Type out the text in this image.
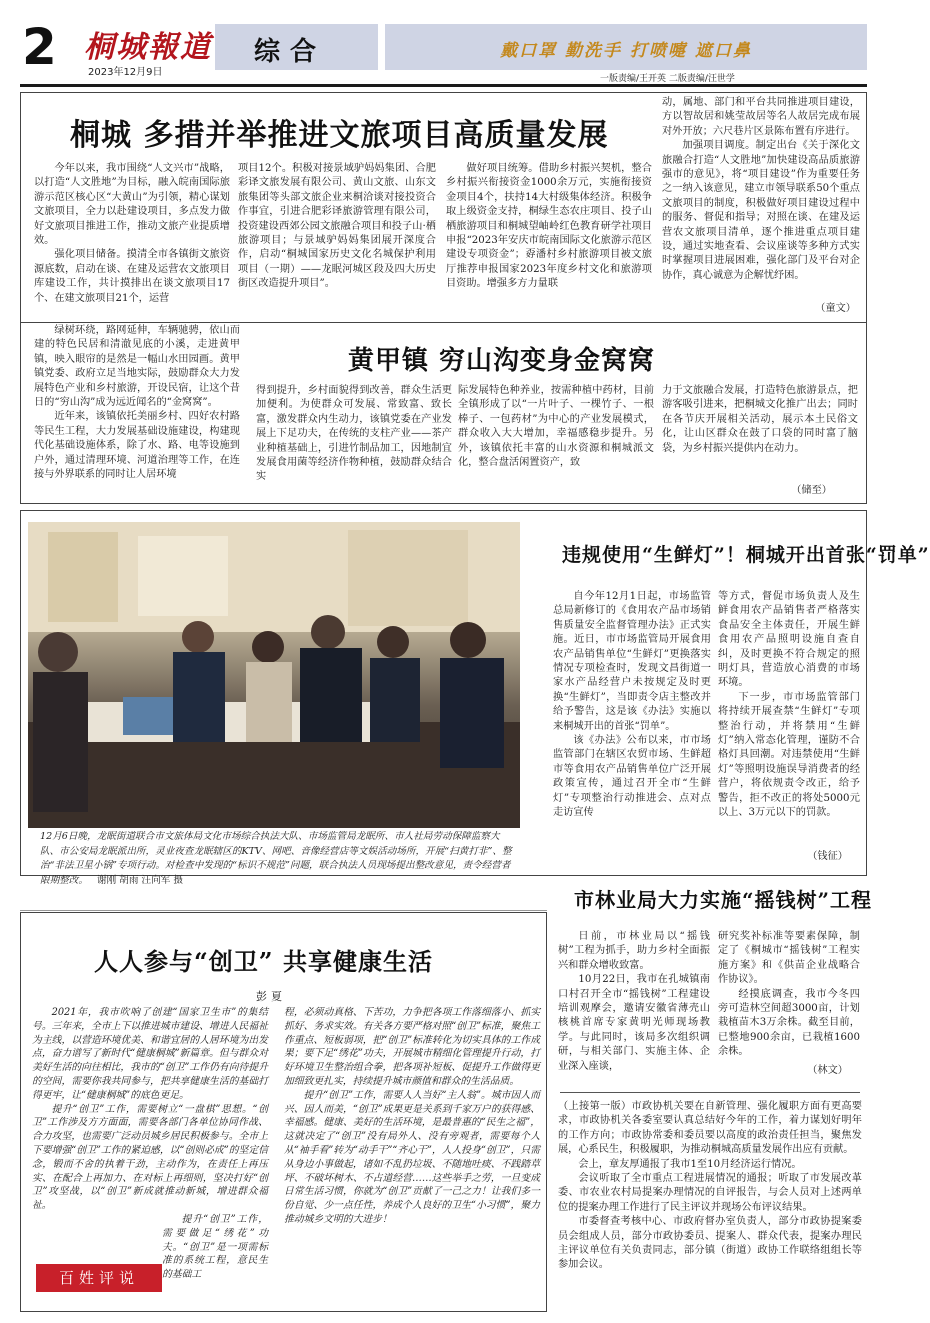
2 桐城報道
2023年12月9日
综合	戴口罩 勤洗手 打喷嚏 遮口鼻
一版责编/王开英 二版责编/汪世学
桐城 多措并举推进文旅项目高质量发展

今年以来，我市围绕“人文兴市”战略，以打造“人文胜地”为目标，融入皖南国际旅游示范区核心区“大黄山”为引领，精心谋划文旅项目，全力以赴建设项目，多点发力做好文旅项目推进工作，推动文旅产业提质增效。

强化项目储备。摸清全市各镇街文旅资源底数，启动在谈、在建及运营农文旅项目库建设工作，共计摸排出在谈文旅项目17个、在建文旅项目21个，运营

项目12个。积极对接景域驴妈妈集团、合肥彩译文旅发展有限公司、黄山文旅、山东文旅集团等头部文旅企业来桐洽谈对接投资合作事宜，引进合肥彩译旅游管理有限公司，投资建设西郊公园文旅融合项目和投子山·栖旅游项目；与景域驴妈妈集团展开深度合作，启动“桐城国家历史文化名城保护利用项目（一期）——龙眠河城区段及四大历史街区改造提升项目”。

做好项目统筹。借助乡村振兴契机，整合乡村振兴衔接资金1000余万元，实施衔接资金项目4个，扶持14大村级集体经济。积极争取上级资金支持，桐绿生态农庄项目、投子山栖旅游项目和桐城望岫岭红色教育研学社项目申报“2023年安庆市皖南国际文化旅游示范区建设专项资金”；孬潘村乡村旅游项目被文旅厅推荐申报国家2023年度乡村文化和旅游项目资助。增强多方力量联

动，属地、部门和平台共同推进项目建设，方以智故居和姚莹故居等名人故居完成布展对外开放；六尺巷片区景陈布置有序进行。

加强项目调度。制定出台《关于深化文旅融合打造“人文胜地”加快建设高品质旅游强市的意见》，将“项目建设”作为重要任务之一纳入该意见，建立市领导联系50个重点文旅项目的制度，积极做好项目建设过程中的服务、督促和指导；对照在谈、在建及运营农文旅项目清单，逐个推进重点项目建设，通过实地查看、会议座谈等多种方式实时掌握项目进展困难，强化部门及平台对企协作，真心诚意为企解忧纾困。

（童文）
黄甲镇 穷山沟变身金窝窝

绿树环绕，路网延伸，车辆驰骋，依山而建的特色民居和清澈见底的小溪，走进黄甲镇，映入眼帘的是然是一幅山水田园画。黄甲镇党委、政府立足当地实际，鼓励群众大力发展特色产业和乡村旅游，开设民宿，让这个昔日的“穷山沟”成为远近闻名的“金窝窝”。

近年来，该镇依托美丽乡村、四好农村路等民生工程，大力发展基础设施建设，构建现代化基础设施体系，除了水、路、电等设施到户外，通过清理环境、河道治理等工作，在连接与外界联系的同时让人居环境

得到提升，乡村面貌得到改善，群众生活更加便利。为使群众可发展、常致富、致长富，激发群众内生动力，该镇党委在产业发展上下足功夫，在传统的支柱产业——茶产业种植基础上，引进竹制品加工，因地制宜发展食用菌等经济作物种植，鼓励群众结合实

际发展特色种养业，按需种植中药材，目前全镇形成了以“一片叶子、一棵竹子、一根棒子、一包药材”为中心的产业发展模式，群众收入大大增加，幸福感稳步提升。另外，该镇依托丰富的山水资源和桐城派文化，整合盘活闲置资产，致

力于文旅融合发展，打造特色旅游景点，把游客吸引进来，把桐城文化推广出去；同时在各节庆开展相关活动，展示本土民俗文化，让山区群众在鼓了口袋的同时富了脑袋，为乡村振兴提供内在动力。

（储至）
12月6日晚，龙眠街道联合市文旅体局文化市场综合执法大队、市场监管局龙眠所、市人社局劳动保障监察大队、市公安局龙眠派出所，灵业夜查龙眠辖区的KTV、网吧、音像经营店等文娱活动场所，开展“扫黄打非”、整治“非法卫星小锅”专项行动。对检查中发现的“标识不规范”问题，联合执法人员现场提出整改意见，责令经营者限期整改。 谢刚 胡雨 汪向军 摄
违规使用“生鲜灯”！桐城开出首张“罚单”

自今年12月1日起，市场监管总局新修订的《食用农产品市场销售质量安全监督管理办法》正式实施。近日，市市场监管局开展食用农产品销售单位“生鲜灯”更换落实情况专项检查时，发现文昌街道一家水产品经营户未按规定及时更换“生鲜灯”，当即责令店主整改并给予警告，这是该《办法》实施以来桐城开出的首张“罚单”。

该《办法》公布以来，市市场监管部门在辖区农贸市场、生鲜超市等食用农产品销售单位广泛开展政策宣传，通过召开全市“生鲜灯”专项整治行动推进会、点对点走访宣传

等方式，督促市场负责人及生鲜食用农产品销售者严格落实食品安全主体责任，开展生鲜食用农产品照明设施自查自纠，及时更换不符合规定的照明灯具，营造放心消费的市场环境。

下一步，市市场监管部门将持续开展查禁“生鲜灯”专项整治行动，并将禁用“生鲜灯”纳入常态化管理，谨防不合格灯具回潮。对违禁使用“生鲜灯”等照明设施误导消费者的经营户，将依规责令改正，给予警告，拒不改正的将处5000元以上、3万元以下的罚款。

（钱征）
人人参与“创卫” 共享健康生活
彭夏

2021年，我市吹响了创建“国家卫生市”的集结号。三年来，全市上下以推进城市建设、增进人民福祉为主线，以营造环境优美、和谐宜居的人居环境为出发点，奋力谱写了新时代“健康桐城”新篇章。但与群众对美好生活的向往相比，我市的“创卫”工作仍有向待提升的空间，需要你我共同参与，把共享健康生活的基础打得更牢，让“健康桐城”的底色更足。

提升“创卫”工作，需要树立“一盘棋”思想。“创卫”工作涉及方方面面，需要各部门各单位协同作战、合力攻坚，也需要广泛动员城乡居民积极参与。全市上下要增强“创卫”工作的紧迫感，以“创则必成”的坚定信念，锻而不舍的执着干劲，主动作为，在责任上再压实、在配合上再加力、在对标上再细则，坚决打好“创卫”攻坚战，以“创卫”新成就推动新城，增进群众福祉。

提升“创卫”工作，需要做足“绣花”功夫。“创卫”是一项需标准的系统工程，意民生的基础工

百姓评说

程，必须动真格、下苦功，力争把各项工作落细落小、抓实抓好、务求实效。有关各方要严格对照“创卫”标准，聚焦工作重点、短板弱项，把“创卫”标准转化为切实具体的工作成果；要下足“绣花”功夫，开展城市精细化管理提升行动，打好环境卫生整治组合拳，把各项补短板、促提升工作做得更加细致更扎实，持续提升城市颜值和群众的生活品质。

提升“创卫”工作，需要人人当好“主人翁”。城市因人而兴、因人而美，“创卫”成果更是关系到千家万户的获得感、幸福感。健康、美好的生活环境，是最普惠的“民生之福”，这就决定了“创卫”没有局外人、没有旁观者，需要每个人从“袖手看”转为“动手干”“齐心干”，人人投身“创卫”，只需从身边小事做起，诸如不乱扔垃圾、不随地吐痰、不践踏草坪、不破坏树木、不占道经营……这些举手之劳，一旦变成日常生活习惯，你就为“创卫”贡献了一己之力！让我们多一份自觉、少一点任性，养成个人良好的卫生“小习惯”，聚力推动城乡文明的大进步！

市林业局大力实施“摇钱树”工程

日前，市林业局以“摇钱树”工程为抓手，助力乡村全面振兴和群众增收致富。

10月22日，我市在孔城镇南口村召开全市“摇钱树”工程建设培训观摩会，邀请安徽省薄壳山核桃首席专家黄明光师现场教学。与此同时，该局多次组织调研，与相关部门、实施主体、企业深入座谈，

研究奖补标准等要素保障，制定了《桐城市“摇钱树”工程实施方案》和《供苗企业战略合作协议》。

经摸底调查，我市今冬四旁可造林空间超3000亩，计划栽植苗木3万余株。截至目前，已整地900余亩，已栽植1600余株。

（林文）

（上接第一版）市政协机关要在自新管理、强化履职方面有更高要求，市政协机关各委室要认真总结好今年的工作，着力谋划好明年的工作方向；市政协常委和委员要以高度的政治责任担当，聚焦发展，心系民生，积极履职，为推动桐城高质量发展作出应有贡献。

会上，章友厚通报了我市1至10月经济运行情况。

会议听取了全市重点工程进展情况的通报；听取了市发展改革委、市农业农村局提案办理情况的自评报告，与会人员对上述两单位的提案办理工作进行了民主评议并现场公布评议结果。

市委督查考核中心、市政府督办室负责人，部分市政协提案委员会组成人员，部分市政协委员、提案人、群众代表，提案办理民主评议单位有关负责同志，部分镇（街道）政协工作联络组组长等参加会议。
